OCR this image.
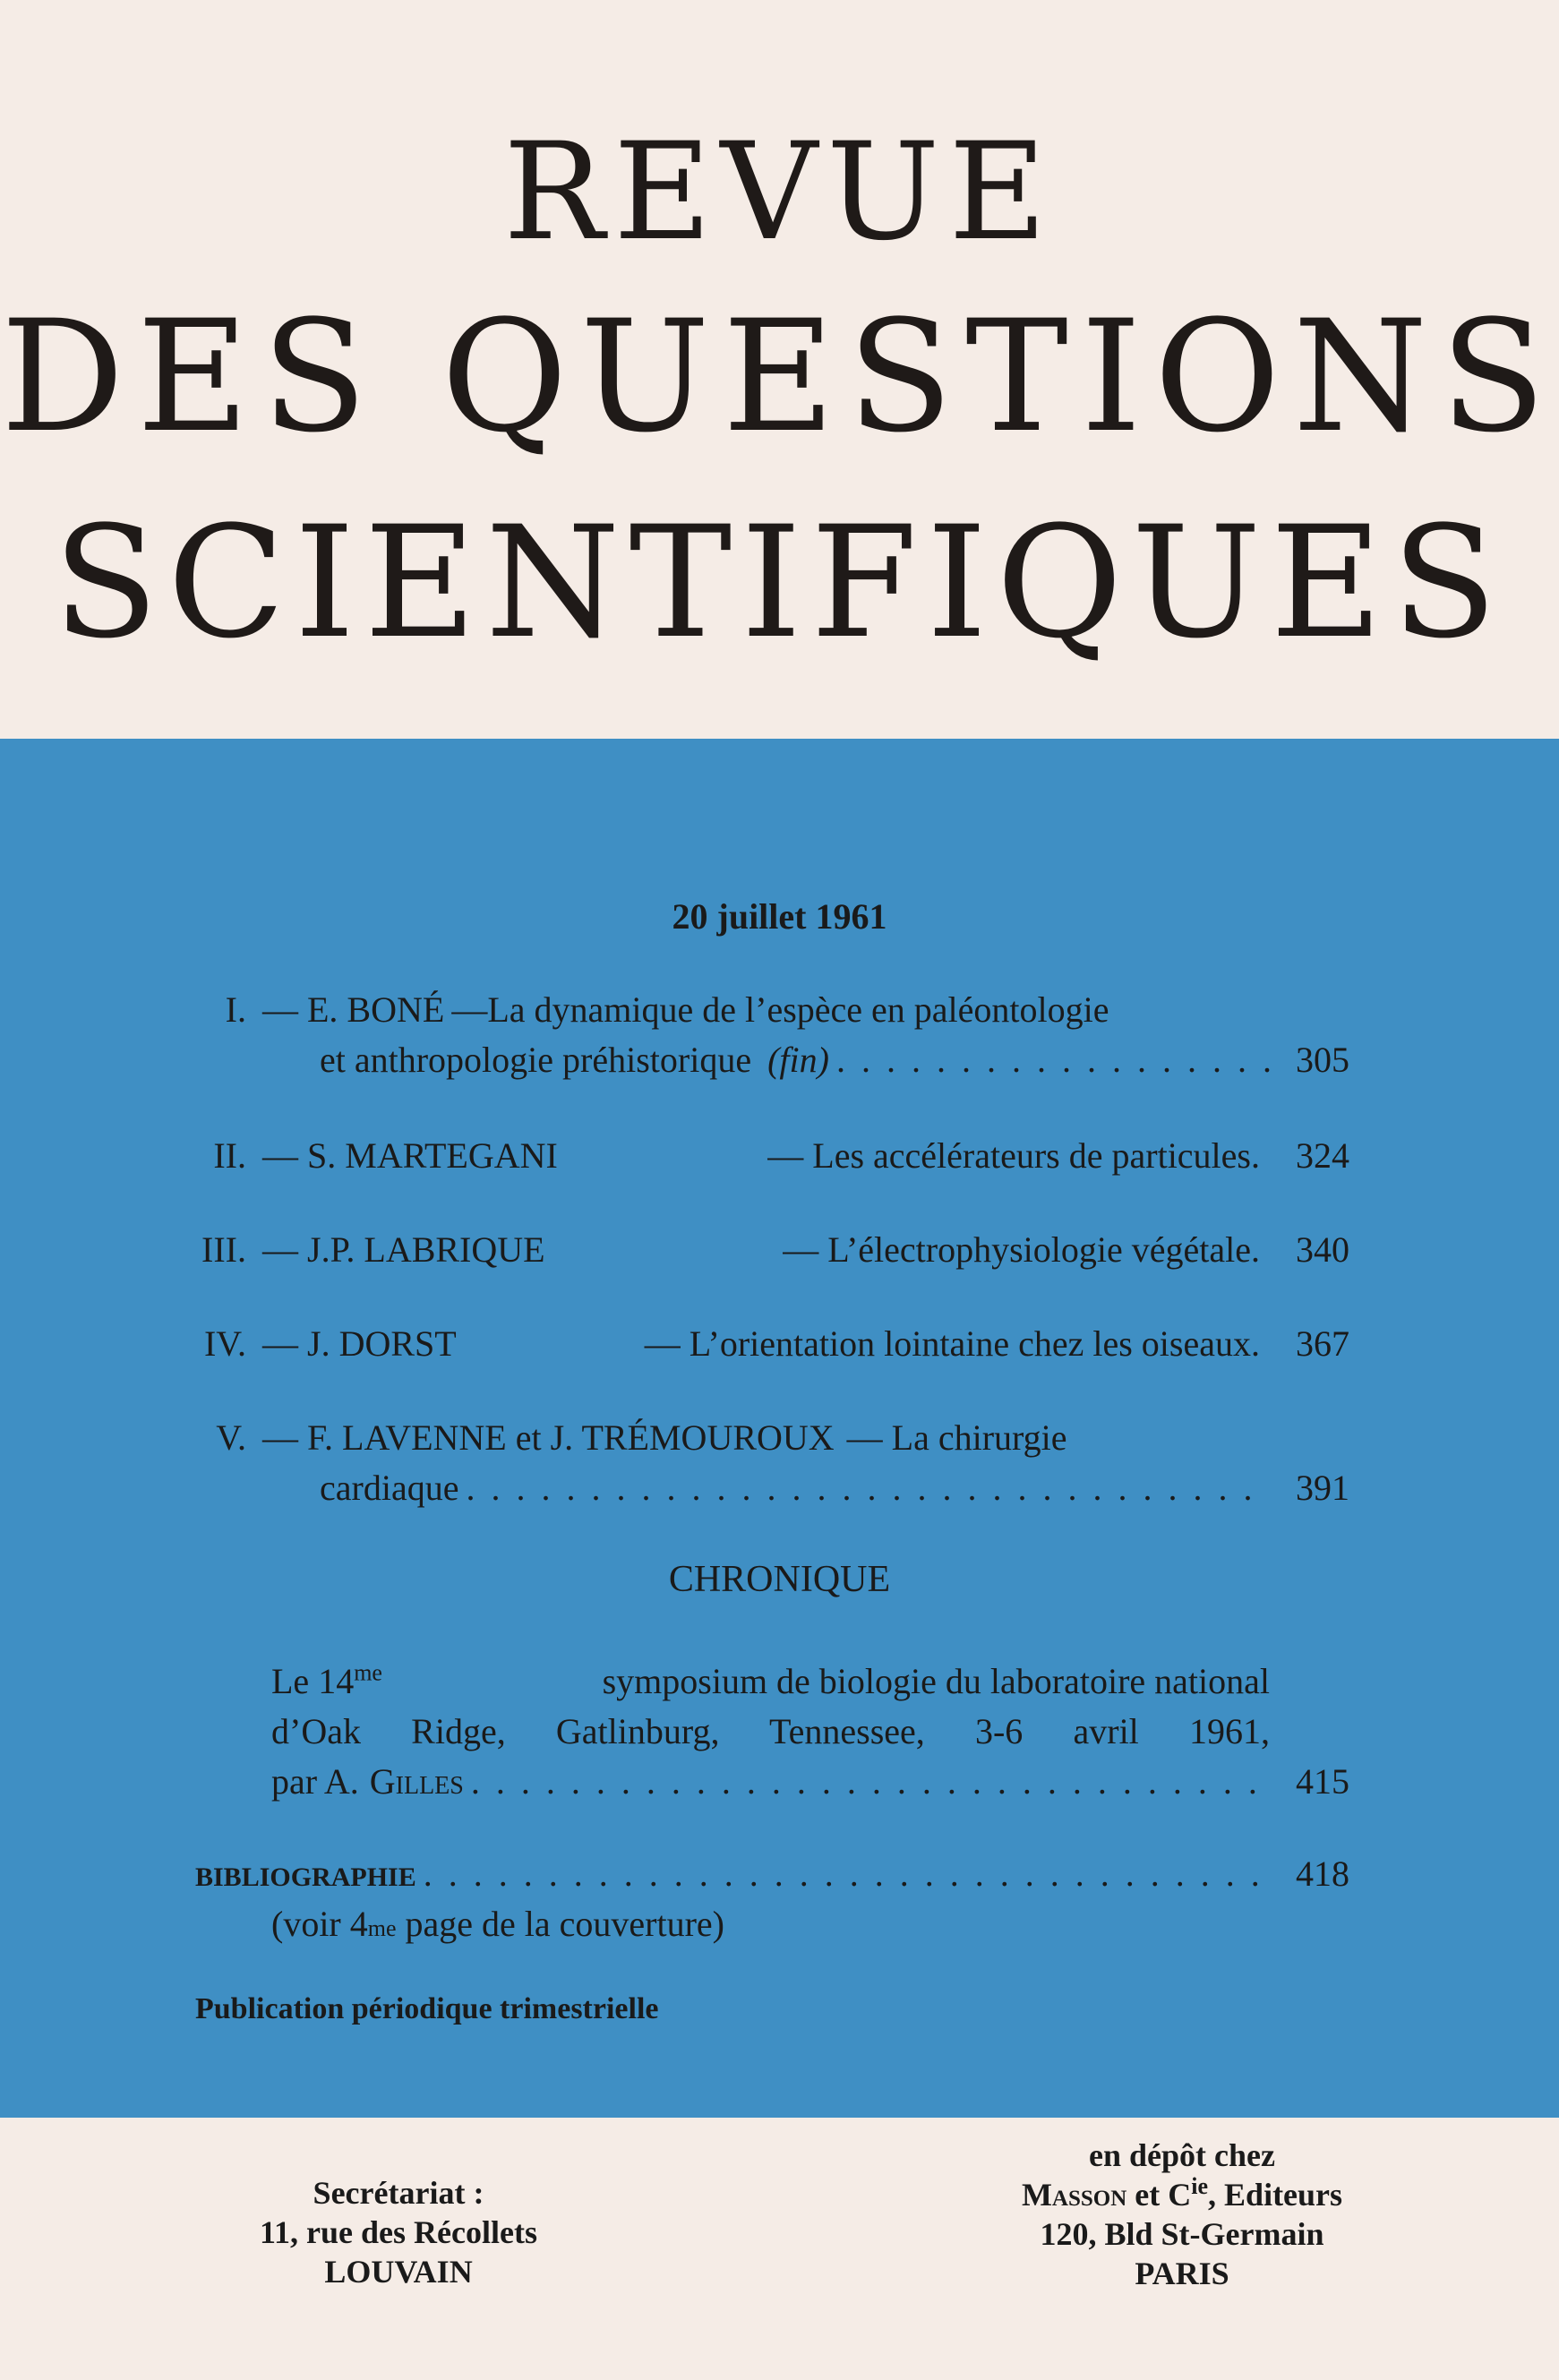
REVUE
DES QUESTIONS
SCIENTIFIQUES
20 juillet 1961
I. — E. BONÉ —La dynamique de l’espèce en paléontologie
et anthropologie préhistorique (fin) . . .	305
II. — S. MARTEGANI	— Les accélérateurs de particules.	324
III. — J.P. LABRIQUE	— L’électrophysiologie végétale.	340
IV. — J. DORST	— L’orientation lointaine chez les oiseaux.	367
V. — F. LAVENNE et J. TRÉMOUROUX — La chirurgie
cardiaque . . .	391
CHRONIQUE
Le $14^{me}$	symposium de biologie du laboratoire national
d’Oak Ridge, Gatlinburg, Tennessee, 3-6 avril 1961,
par A. Gilles . . .	415
BIBLIOGRAPHIE . . .	418
(voir 4 me page de la couverture)
Publication périodique trimestrielle
Secrétariat :
11, rue des Récollets
LOUVAIN
en dépôt chez
Masson et $C^{ie}$, Editeurs
120, Bld St-Germain
PARIS
